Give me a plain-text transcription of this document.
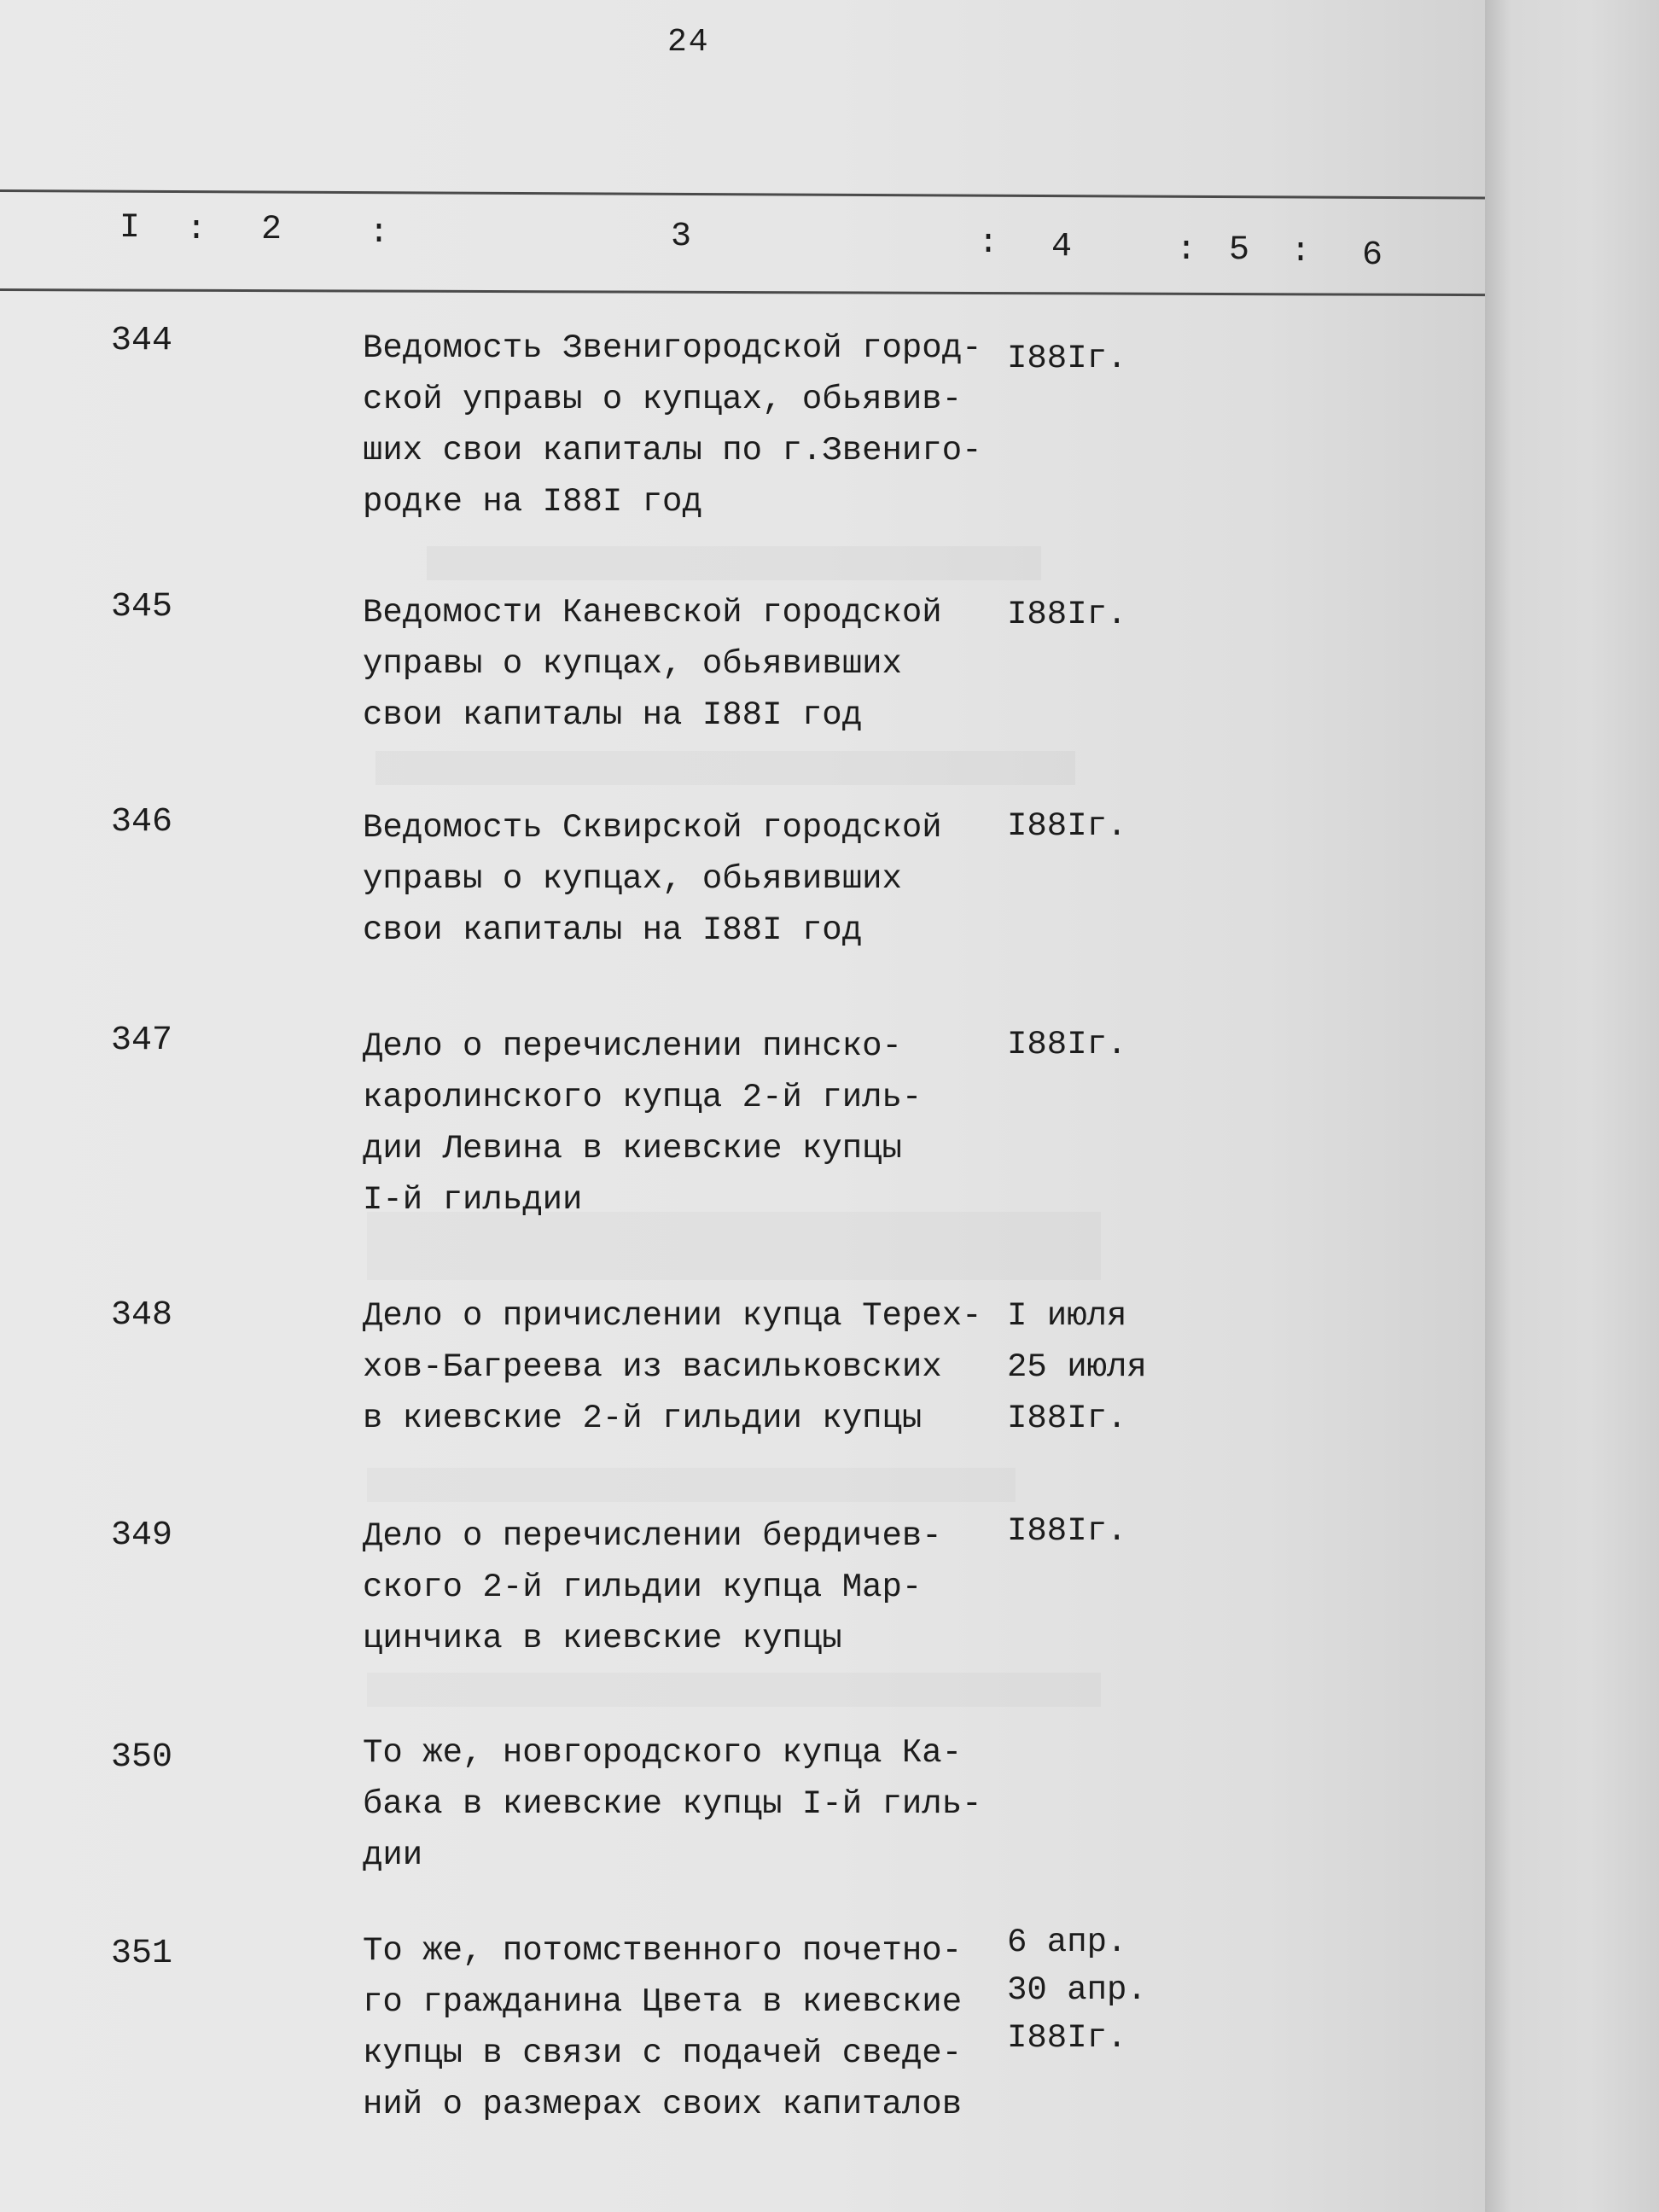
24
I : 2	:	3	: 4	: 5 : 6
344	Ведомость Звенигородской город-
ской управы о купцах, обьявив-
ших свои капиталы по г.Звениго-
родке на I88I год
I88Iг.
345	Ведомости Каневской городской
управы о купцах, обьявивших
свои капиталы на I88I год
I88Iг.
346	Ведомость Сквирской городской
управы о купцах, обьявивших
свои капиталы на I88I год
I88Iг.
347	Дело о перечислении пинско-
каролинского купца 2-й гиль-
дии Левина в киевские купцы
I-й гильдии
I88Iг.
348	Дело о причислении купца Терех-
хов-Багреева из васильковских
в киевские 2-й гильдии купцы
I июля
25 июля
I88Iг.
349	Дело о перечислении бердичев-
ского 2-й гильдии купца Мар-
цинчика в киевские купцы
I88Iг.
350	То же, новгородского купца Ка-
бака в киевские купцы I-й гиль-
дии
351	То же, потомственного почетно-
го гражданина Цвета в киевские
купцы в связи с подачей сведе-
ний о размерах своих капиталов
6 апр.
30 апр.
I88Iг.
